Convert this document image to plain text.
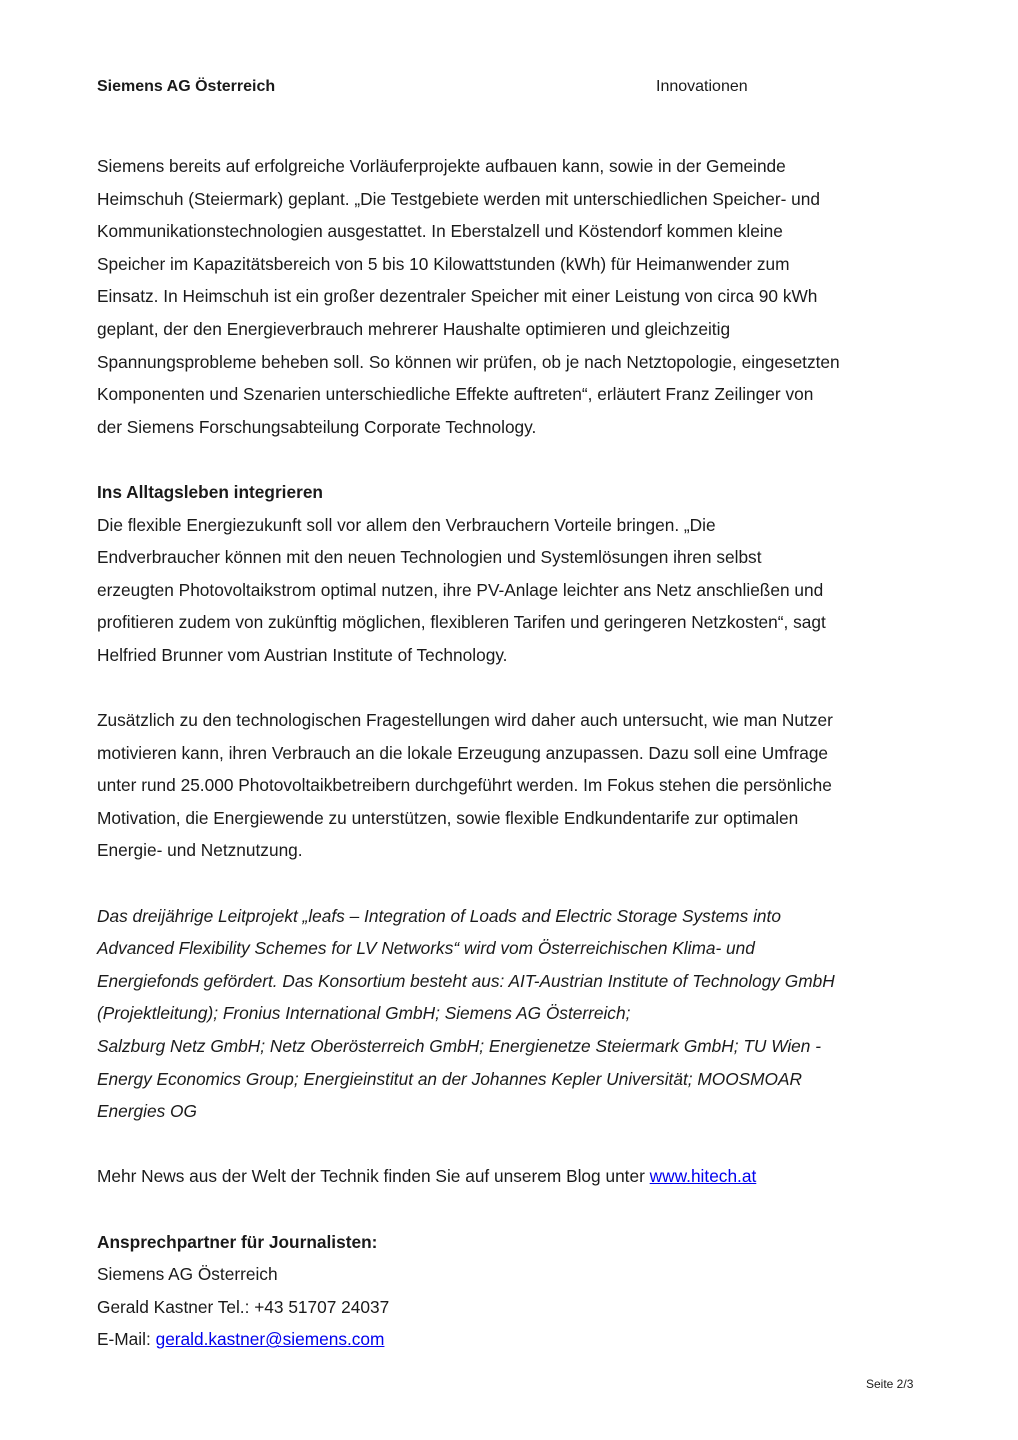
Siemens AG Österreich	Innovationen

Siemens bereits auf erfolgreiche Vorläuferprojekte aufbauen kann, sowie in der Gemeinde

Heimschuh (Steiermark) geplant. „Die Testgebiete werden mit unterschiedlichen Speicher- und

Kommunikationstechnologien ausgestattet. In Eberstalzell und Köstendorf kommen kleine

Speicher im Kapazitätsbereich von 5 bis 10 Kilowattstunden (kWh) für Heimanwender zum

Einsatz. In Heimschuh ist ein großer dezentraler Speicher mit einer Leistung von circa 90 kWh

geplant, der den Energieverbrauch mehrerer Haushalte optimieren und gleichzeitig

Spannungsprobleme beheben soll. So können wir prüfen, ob je nach Netztopologie, eingesetzten

Komponenten und Szenarien unterschiedliche Effekte auftreten“, erläutert Franz Zeilinger von

der Siemens Forschungsabteilung Corporate Technology.

Ins Alltagsleben integrieren

Die flexible Energiezukunft soll vor allem den Verbrauchern Vorteile bringen. „Die

Endverbraucher können mit den neuen Technologien und Systemlösungen ihren selbst

erzeugten Photovoltaikstrom optimal nutzen, ihre PV-Anlage leichter ans Netz anschließen und

profitieren zudem von zukünftig möglichen, flexibleren Tarifen und geringeren Netzkosten“, sagt

Helfried Brunner vom Austrian Institute of Technology.

Zusätzlich zu den technologischen Fragestellungen wird daher auch untersucht, wie man Nutzer

motivieren kann, ihren Verbrauch an die lokale Erzeugung anzupassen. Dazu soll eine Umfrage

unter rund 25.000 Photovoltaikbetreibern durchgeführt werden. Im Fokus stehen die persönliche

Motivation, die Energiewende zu unterstützen, sowie flexible Endkundentarife zur optimalen

Energie- und Netznutzung.

Das dreijährige Leitprojekt „leafs – Integration of Loads and Electric Storage Systems into

Advanced Flexibility Schemes for LV Networks“ wird vom Österreichischen Klima- und

Energiefonds gefördert. Das Konsortium besteht aus: AIT-Austrian Institute of Technology GmbH

(Projektleitung); Fronius International GmbH; Siemens AG Österreich;

Salzburg Netz GmbH; Netz Oberösterreich GmbH; Energienetze Steiermark GmbH; TU Wien -

Energy Economics Group; Energieinstitut an der Johannes Kepler Universität; MOOSMOAR

Energies OG

Mehr News aus der Welt der Technik finden Sie auf unserem Blog unter www.hitech.at

Ansprechpartner für Journalisten:

Siemens AG Österreich

Gerald Kastner Tel.: +43 51707 24037

E-Mail: gerald.kastner@siemens.com

Seite 2/3
